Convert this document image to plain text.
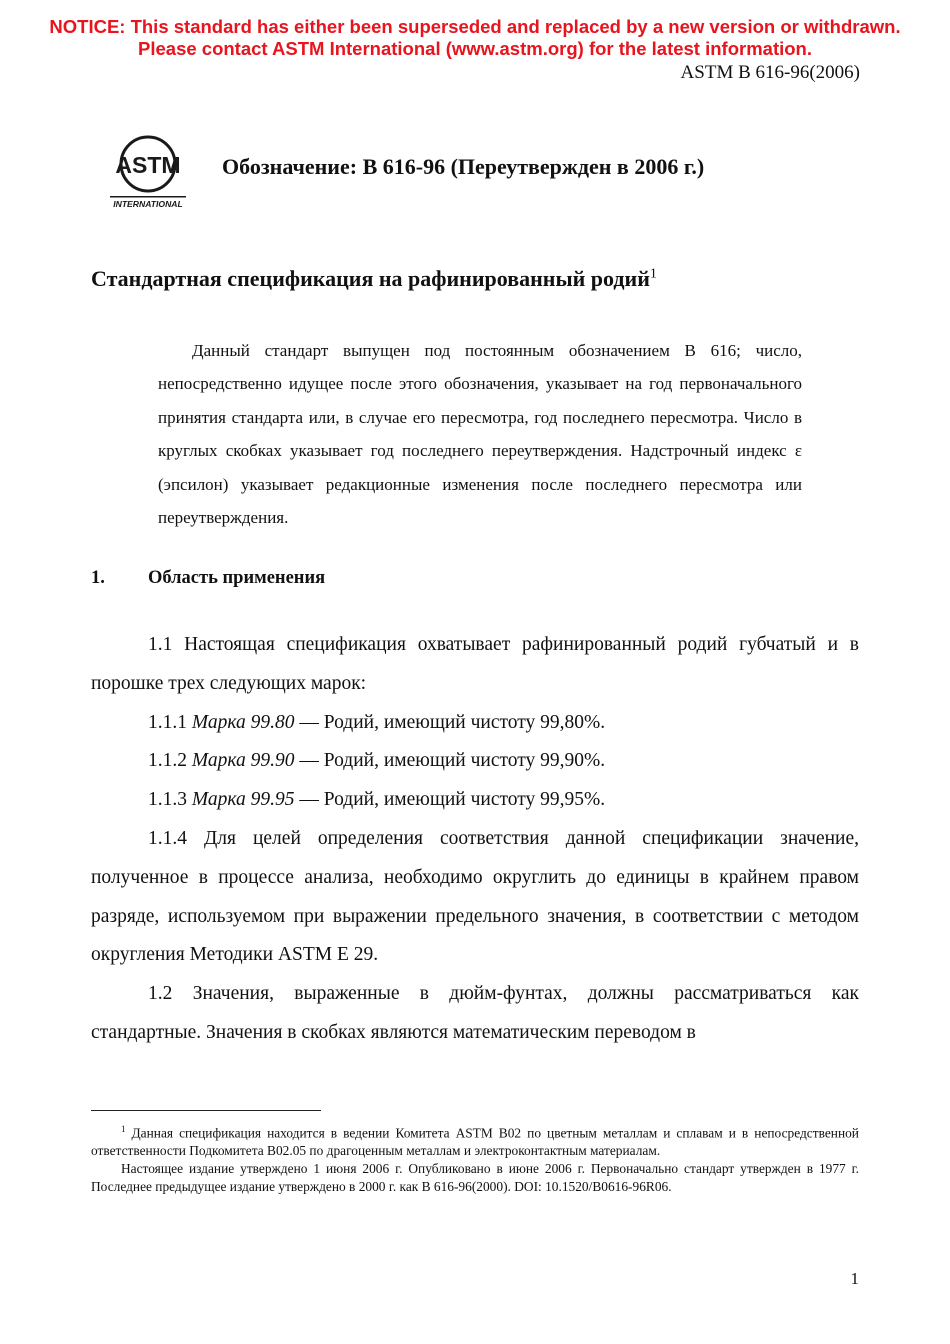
NOTICE: This standard has either been superseded and replaced by a new version or withdrawn.
Please contact ASTM International (www.astm.org) for the latest information.
ASTM B 616-96(2006)
ASTM
INTERNATIONAL
Обозначение: B 616-96 (Переутвержден в 2006 г.)
Стандартная спецификация на рафинированный родий$^1$

Данный стандарт выпущен под постоянным обозначением B 616; число, непосредственно идущее после этого обозначения, указывает на год первоначального принятия стандарта или, в случае его пересмотра, год последнего пересмотра. Число в круглых скобках указывает год последнего переутверждения. Надстрочный индекс ε (эпсилон) указывает редакционные изменения после последнего пересмотра или переутверждения.

1. Область применения

1.1 Настоящая спецификация охватывает рафинированный родий губчатый и в порошке трех следующих марок:

1.1.1 Марка 99.80 — Родий, имеющий чистоту 99,80%.

1.1.2 Марка 99.90 — Родий, имеющий чистоту 99,90%.

1.1.3 Марка 99.95 — Родий, имеющий чистоту 99,95%.

1.1.4 Для целей определения соответствия данной спецификации значение, полученное в процессе анализа, необходимо округлить до единицы в крайнем правом разряде, используемом при выражении предельного значения, в соответствии с методом округления Методики ASTM E 29.

1.2 Значения, выраженные в дюйм-фунтах, должны рассматриваться как стандартные. Значения в скобках являются математическим переводом в

$^1$ Данная спецификация находится в ведении Комитета ASTM B02 по цветным металлам и сплавам и в непосредственной ответственности Подкомитета B02.05 по драгоценным металлам и электроконтактным материалам.

Настоящее издание утверждено 1 июня 2006 г. Опубликовано в июне 2006 г. Первоначально стандарт утвержден в 1977 г. Последнее предыдущее издание утверждено в 2000 г. как B 616-96(2000). DOI: 10.1520/B0616-96R06.

1
